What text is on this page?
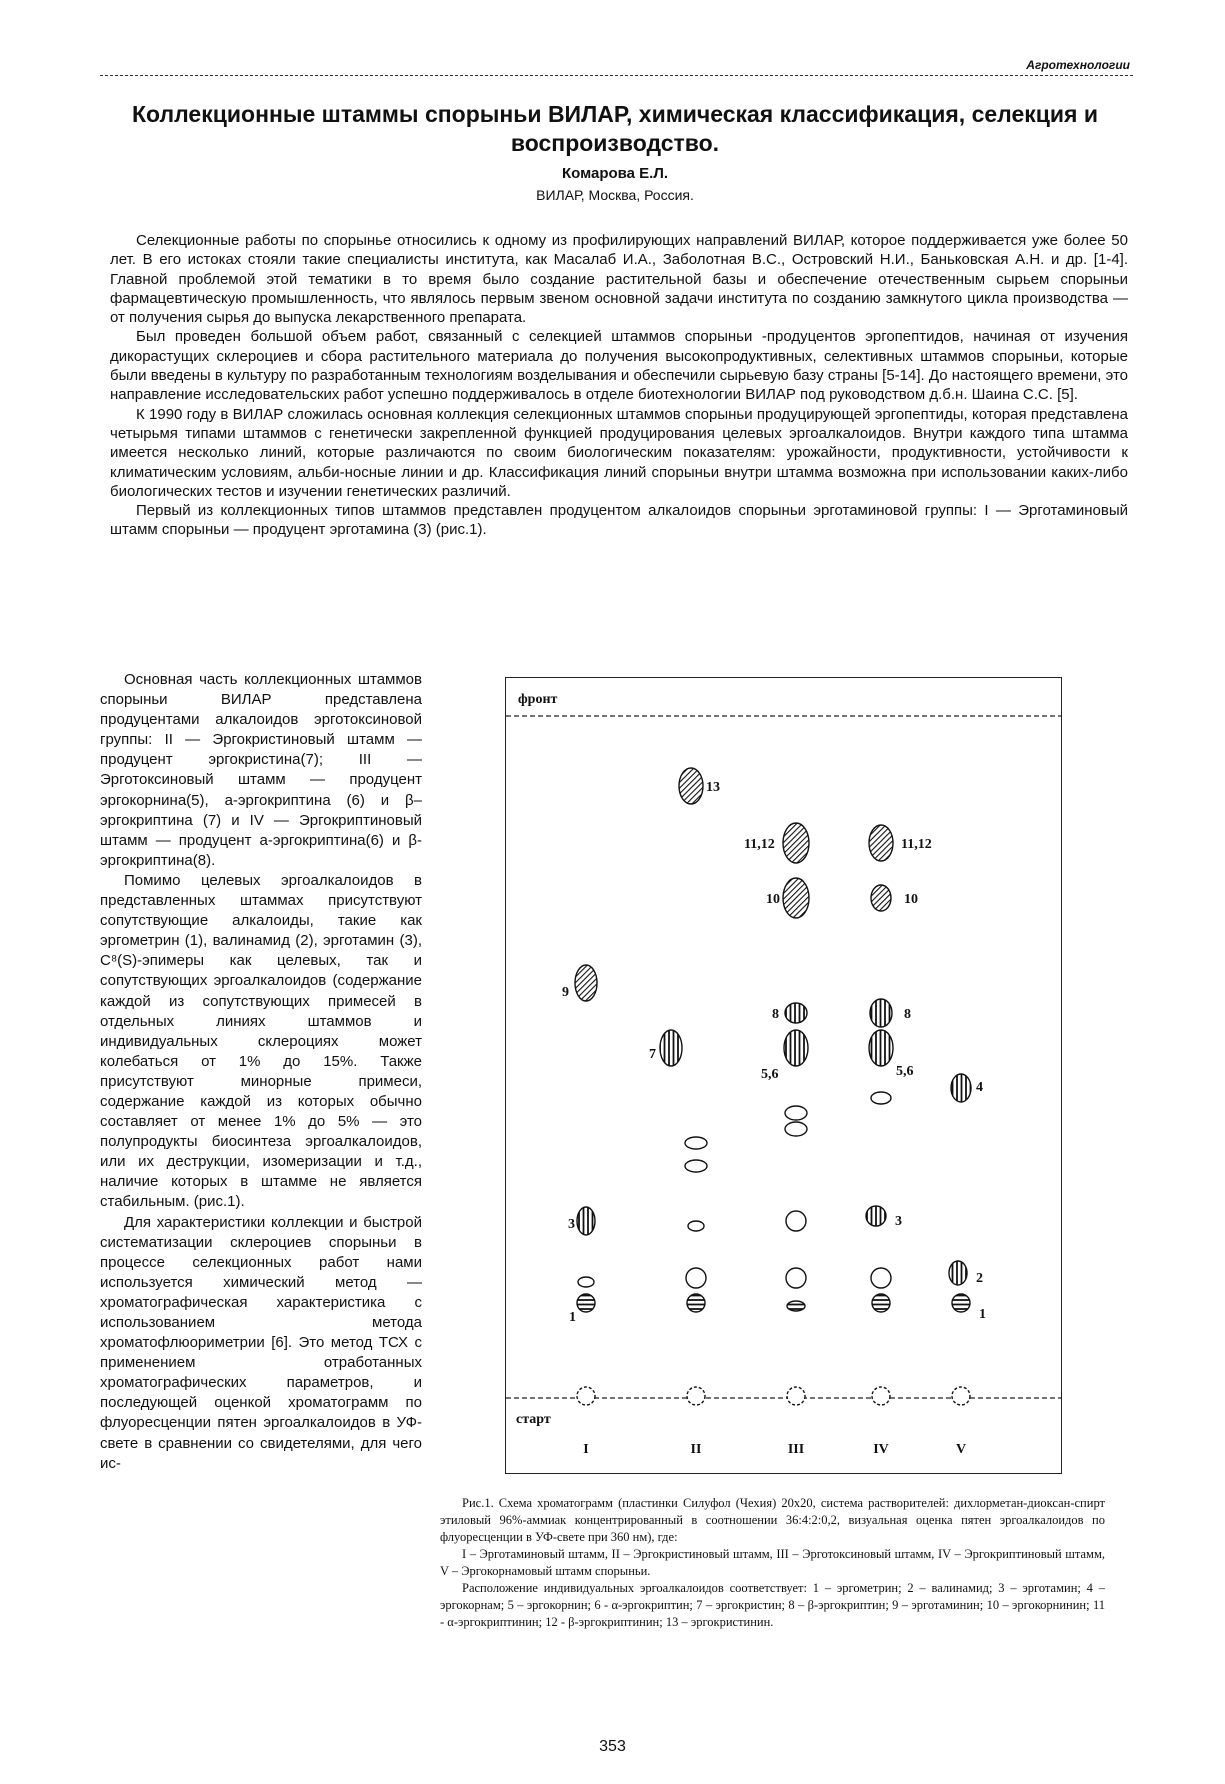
Агротехнологии
Коллекционные штаммы спорыньи ВИЛАР, химическая классификация, селекция и воспроизводство.
Комарова Е.Л.
ВИЛАР, Москва, Россия.

Селекционные работы по спорынье относились к одному из профилирующих направлений ВИЛАР, которое поддерживается уже более 50 лет. В его истоках стояли такие специалисты института, как Масалаб И.А., Заболотная В.С., Островский Н.И., Баньковская А.Н. и др. [1-4]. Главной проблемой этой тематики в то время было создание растительной базы и обеспечение отечественным сырьем спорыньи фармацевтическую промышленность, что являлось первым звеном основной задачи института по созданию замкнутого цикла производства — от получения сырья до выпуска лекарственного препарата.

Был проведен большой объем работ, связанный с селекцией штаммов спорыньи -продуцентов эргопептидов, начиная от изучения дикорастущих склероциев и сбора растительного материала до получения высокопродуктивных, селективных штаммов спорыньи, которые были введены в культуру по разработанным технологиям возделывания и обеспечили сырьевую базу страны [5-14]. До настоящего времени, это направление исследовательских работ успешно поддерживалось в отделе биотехнологии ВИЛАР под руководством д.б.н. Шаина С.С. [5].

К 1990 году в ВИЛАР сложилась основная коллекция селекционных штаммов спорыньи продуцирующей эргопептиды, которая представлена четырьмя типами штаммов с генетически закрепленной функцией продуцирования целевых эргоалкалоидов. Внутри каждого типа штамма имеется несколько линий, которые различаются по своим биологическим показателям: урожайности, продуктивности, устойчивости к климатическим условиям, альби-носные линии и др. Классификация линий спорыньи внутри штамма возможна при использовании каких-либо биологических тестов и изучении генетических различий.

Первый из коллекционных типов штаммов представлен продуцентом алкалоидов спорыньи эрготаминовой группы: I — Эрготаминовый штамм спорыньи — продуцент эрготамина (3) (рис.1).

Основная часть коллекционных штаммов спорыньи ВИЛАР представлена продуцентами алкалоидов эрготоксиновой группы: II — Эргокристиновый штамм — продуцент эргокристина(7); III — Эрготоксиновый штамм — продуцент эргокорнина(5), а-эргокриптина (6) и β–эргокриптина (7) и IV — Эргокриптиновый штамм — продуцент а-эргокриптина(6) и β-эргокриптина(8).

Помимо целевых эргоалкалоидов в представленных штаммах присутствуют сопутствующие алкалоиды, такие как эргометрин (1), валинамид (2), эрготамин (3), С⁸(S)-эпимеры как целевых, так и сопутствующих эргоалкалоидов (содержание каждой из сопутствующих примесей в отдельных линиях штаммов и индивидуальных склероциях может колебаться от 1% до 15%. Также присутствуют минорные примеси, содержание каждой из которых обычно составляет от менее 1% до 5% — это полупродукты биосинтеза эргоалкалоидов, или их деструкции, изомеризации и т.д., наличие которых в штамме не является стабильным. (рис.1).

Для характеристики коллекции и быстрой систематизации склероциев спорыньи в процессе селекционных работ нами используется химический метод — хроматографическая характеристика с использованием метода хроматофлюориметрии [6]. Это метод ТСХ с применением отработанных хроматографических параметров, и последующей оценкой хроматограмм по флуоресценции пятен эргоалкалоидов в УФ-свете в сравнении со свидетелями, для чего ис-

фронт
старт
I	II	III	IV	V
13
11,12	11,12
10	10
9
8	8
7
5,6	5,6
4
3	3
2
1	1

Рис.1. Схема хроматограмм (пластинки Силуфол (Чехия) 20х20, система растворителей: дихлорметан-диоксан-спирт этиловый 96%-аммиак концентрированный в соотношении 36:4:2:0,2, визуальная оценка пятен эргоалкалоидов по флуоресценции в УФ-свете при 360 нм), где:

I – Эрготаминовый штамм, II – Эргокристиновый штамм, III – Эрготоксиновый штамм, IV – Эргокриптиновый штамм, V – Эргокорнамовый штамм спорыньи.

Расположение индивидуальных эргоалкалоидов соответствует: 1 – эргометрин; 2 – валинамид; 3 – эрготамин; 4 – эргокорнам; 5 – эргокорнин; 6 - α-эргокриптин; 7 – эргокристин; 8 – β-эргокриптин; 9 – эрготаминин; 10 – эргокорнинин; 11 - α-эргокриптинин; 12 - β-эргокриптинин; 13 – эргокристинин.

353
